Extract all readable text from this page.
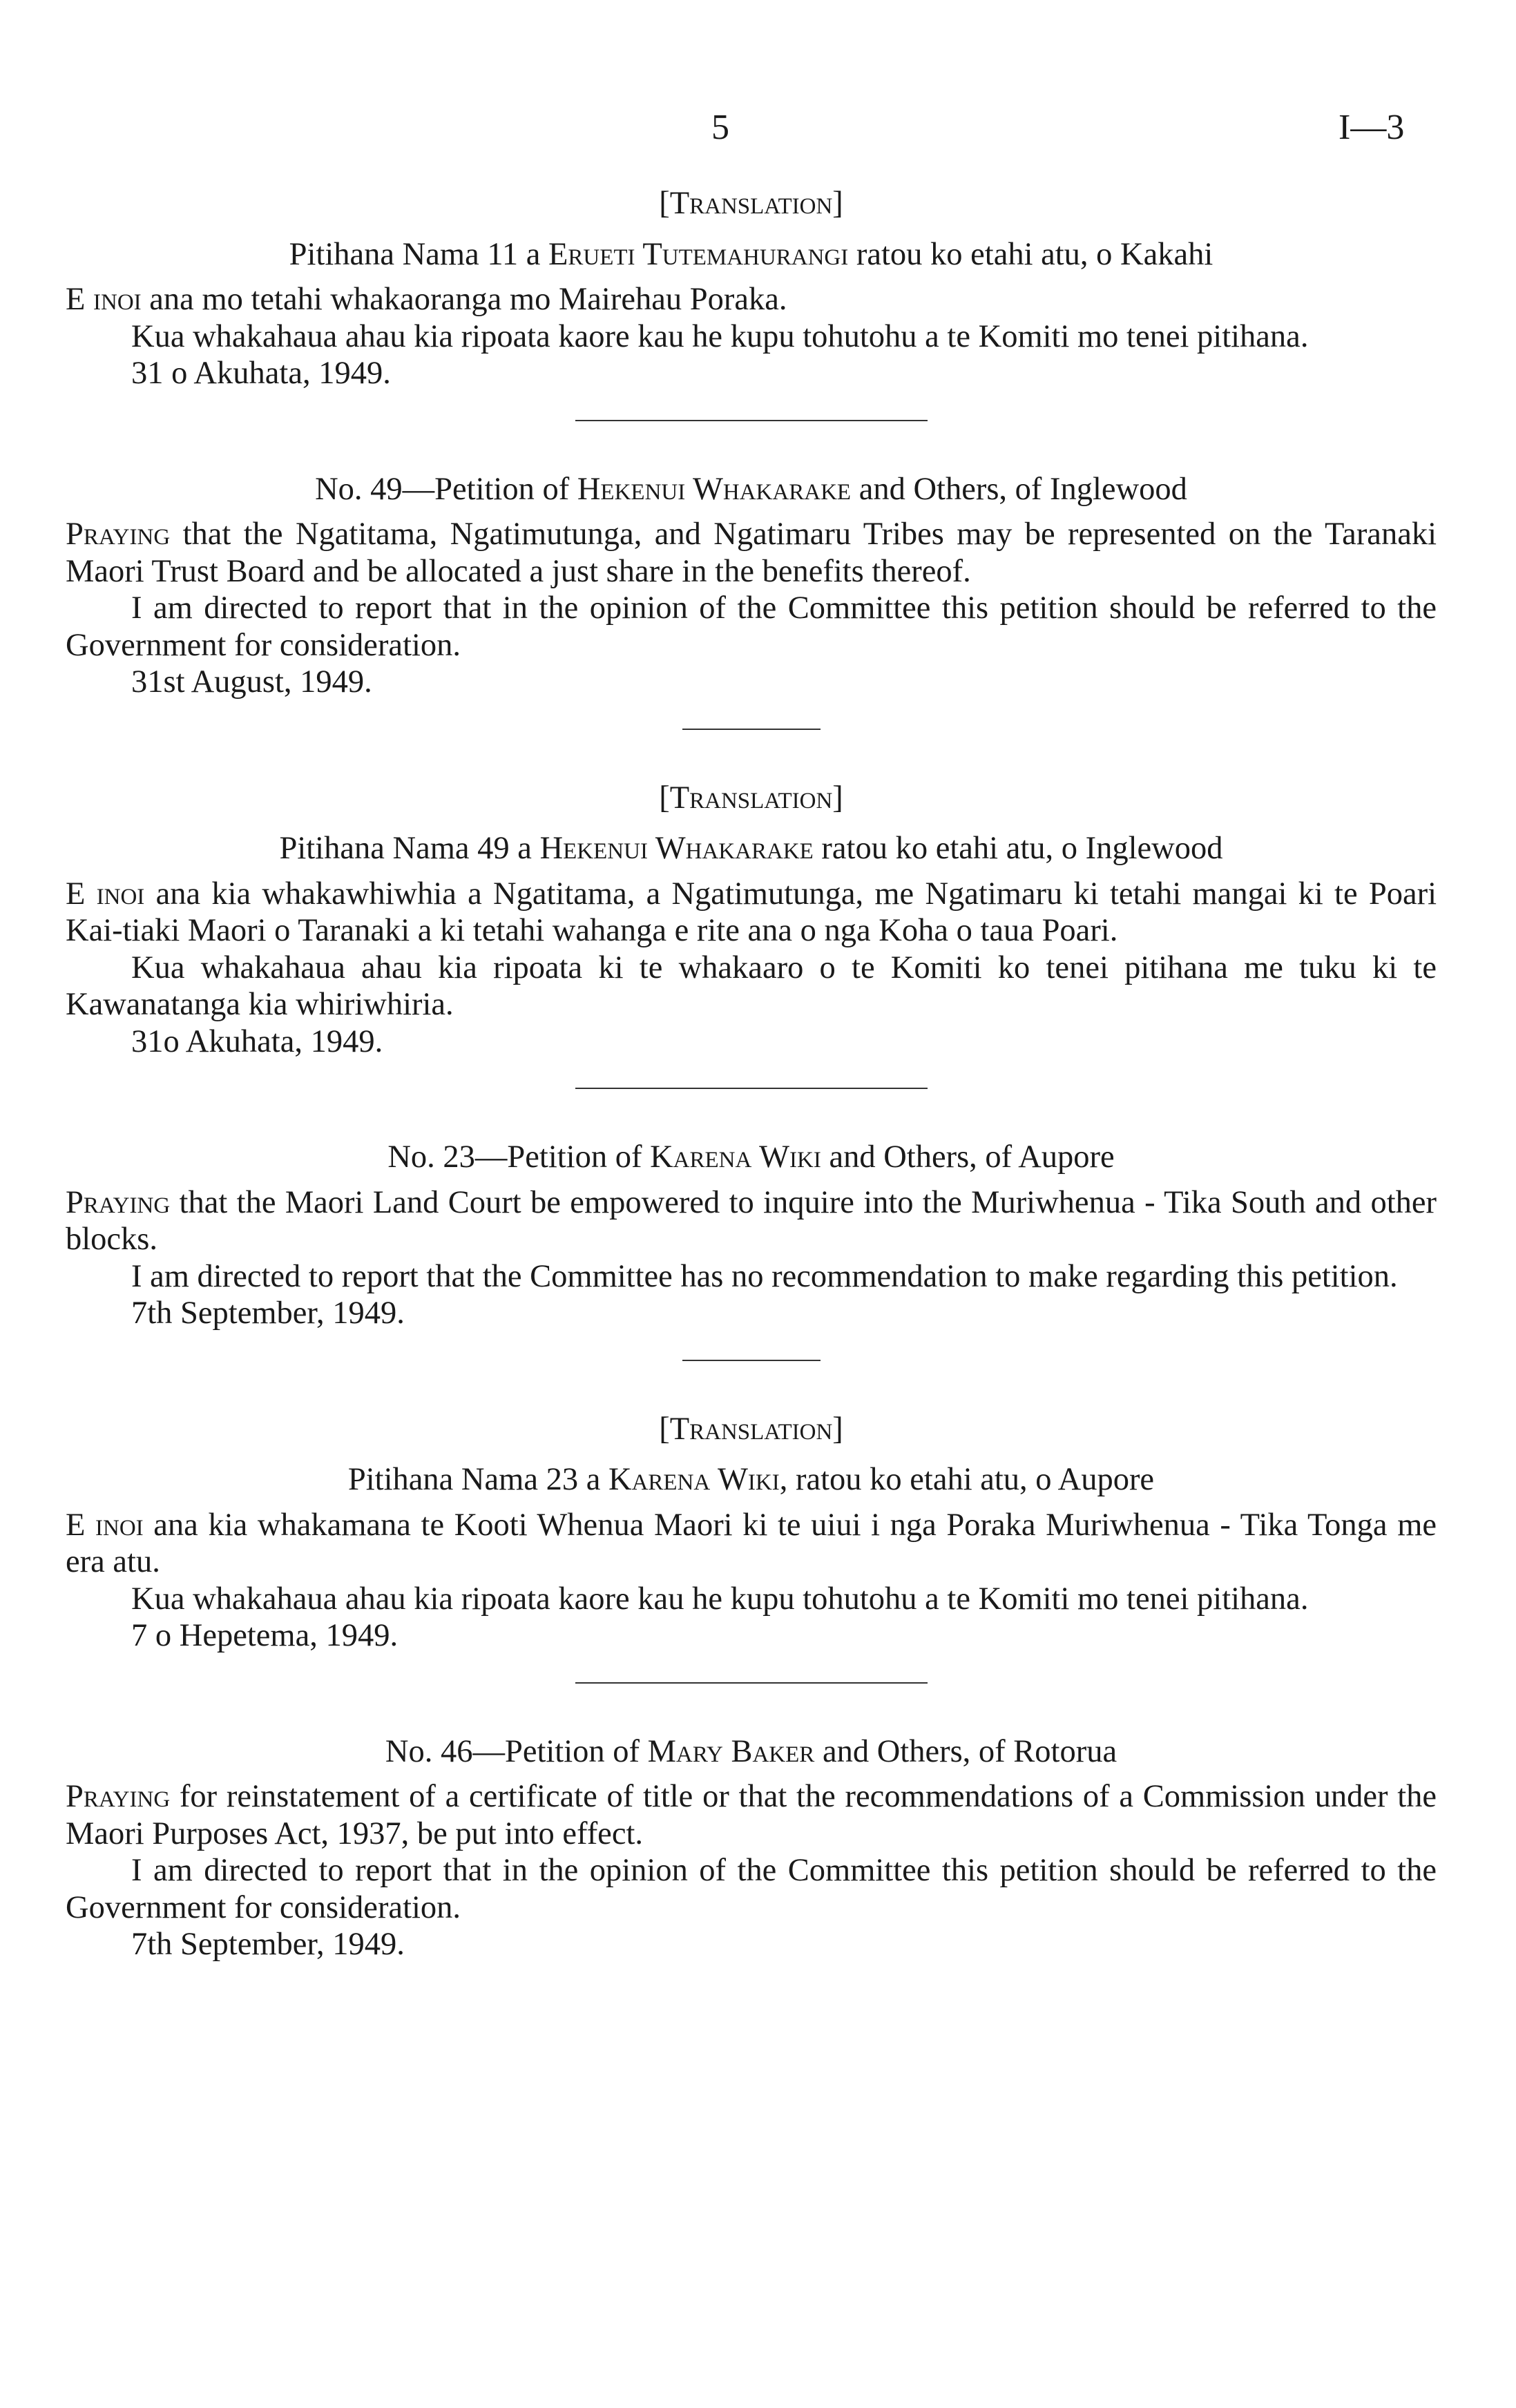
5	I—3

[Translation]

Pitihana Nama 11 a Erueti Tutemahurangi ratou ko etahi atu, o Kakahi

E inoi ana mo tetahi whakaoranga mo Mairehau Poraka.

Kua whakahaua ahau kia ripoata kaore kau he kupu tohutohu a te Komiti mo tenei pitihana.

31 o Akuhata, 1949.

No. 49—Petition of Hekenui Whakarake and Others, of Inglewood

Praying that the Ngatitama, Ngatimutunga, and Ngatimaru Tribes may be represented on the Taranaki Maori Trust Board and be allocated a just share in the benefits thereof.

I am directed to report that in the opinion of the Committee this petition should be referred to the Government for consideration.

31st August, 1949.

[Translation]

Pitihana Nama 49 a Hekenui Whakarake ratou ko etahi atu, o Inglewood

E inoi ana kia whakawhiwhia a Ngatitama, a Ngatimutunga, me Ngatimaru ki tetahi mangai ki te Poari Kai-tiaki Maori o Taranaki a ki tetahi wahanga e rite ana o nga Koha o taua Poari.

Kua whakahaua ahau kia ripoata ki te whakaaro o te Komiti ko tenei pitihana me tuku ki te Kawanatanga kia whiriwhiria.

31o Akuhata, 1949.

No. 23—Petition of Karena Wiki and Others, of Aupore

Praying that the Maori Land Court be empowered to inquire into the Muriwhenua - Tika South and other blocks.

I am directed to report that the Committee has no recommendation to make regarding this petition.

7th September, 1949.

[Translation]

Pitihana Nama 23 a Karena Wiki, ratou ko etahi atu, o Aupore

E inoi ana kia whakamana te Kooti Whenua Maori ki te uiui i nga Poraka Muriwhenua - Tika Tonga me era atu.

Kua whakahaua ahau kia ripoata kaore kau he kupu tohutohu a te Komiti mo tenei pitihana.

7 o Hepetema, 1949.

No. 46—Petition of Mary Baker and Others, of Rotorua

Praying for reinstatement of a certificate of title or that the recommendations of a Commission under the Maori Purposes Act, 1937, be put into effect.

I am directed to report that in the opinion of the Committee this petition should be referred to the Government for consideration.

7th September, 1949.
